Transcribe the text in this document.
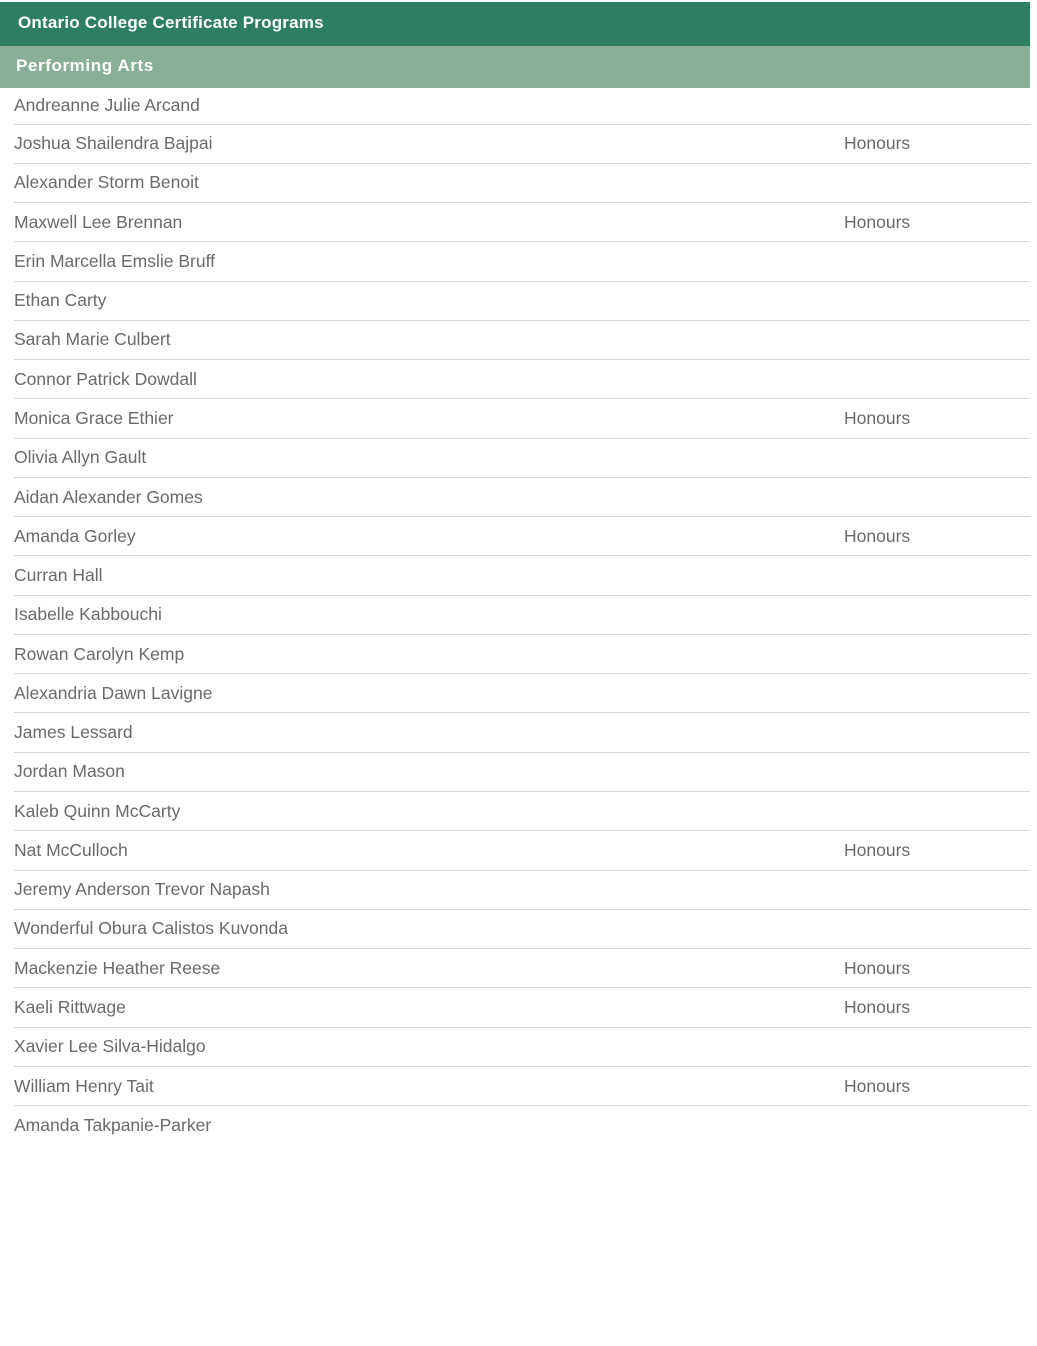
Ontario College Certificate Programs
Performing Arts
Andreanne Julie Arcand
Joshua Shailendra Bajpai	Honours
Alexander Storm Benoit
Maxwell Lee Brennan	Honours
Erin Marcella Emslie Bruff
Ethan Carty
Sarah Marie Culbert
Connor Patrick Dowdall
Monica Grace Ethier	Honours
Olivia Allyn Gault
Aidan Alexander Gomes
Amanda Gorley	Honours
Curran Hall
Isabelle Kabbouchi
Rowan Carolyn Kemp
Alexandria Dawn Lavigne
James Lessard
Jordan Mason
Kaleb Quinn McCarty
Nat McCulloch	Honours
Jeremy Anderson Trevor Napash
Wonderful Obura Calistos Kuvonda
Mackenzie Heather Reese	Honours
Kaeli Rittwage	Honours
Xavier Lee Silva-Hidalgo
William Henry Tait	Honours
Amanda Takpanie-Parker
